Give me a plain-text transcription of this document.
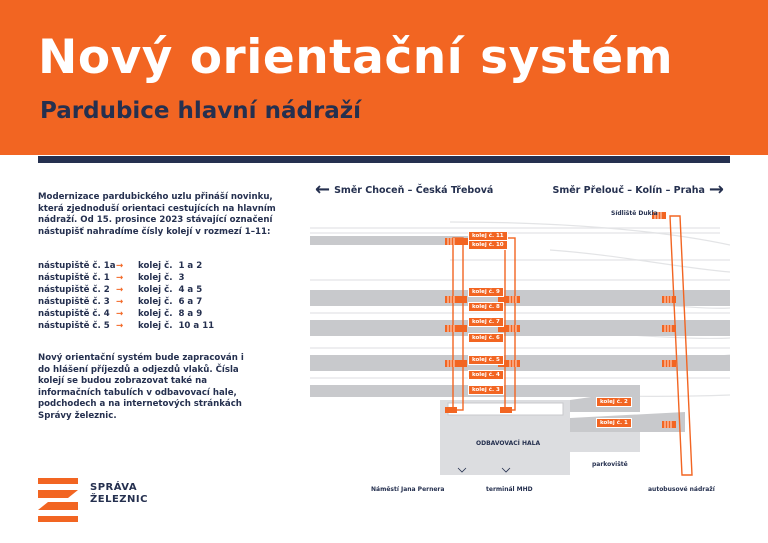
Nový orientační systém
Pardubice hlavní nádraží
Modernizace pardubického uzlu přináší novinku, která zjednoduší orientaci cestujících na hlavním nádraží. Od 15. prosince 2023 stávající označení nástupišť nahradíme čísly kolejí v rozmezí 1–11:
nástupiště č. 1a →	kolej č. 1 a 2
nástupiště č. 1 →	kolej č. 3
nástupiště č. 2 →	kolej č. 4 a 5
nástupiště č. 3 →	kolej č. 6 a 7
nástupiště č. 4 →	kolej č. 8 a 9
nástupiště č. 5 →	kolej č. 10 a 11
Nový orientační systém bude zapracován i do hlášení příjezdů a odjezdů vlaků. Čísla kolejí se budou zobrazovat také na informačních tabulích v odbavovací hale, podchodech a na internetových stránkách Správy železnic.
SPRÁVA
ŽELEZNIC
← Směr Choceň – Česká Třebová	Směr Přelouč – Kolín – Praha →
kolej č. 11
kolej č. 10
kolej č. 9
kolej č. 8
kolej č. 7
kolej č. 6
kolej č. 5
kolej č. 4
kolej č. 3
kolej č. 2
kolej č. 1
Sídliště Dukla
ODBAVOVACÍ HALA
parkoviště
Náměstí Jana Pernera	terminál MHD	autobusové nádraží
